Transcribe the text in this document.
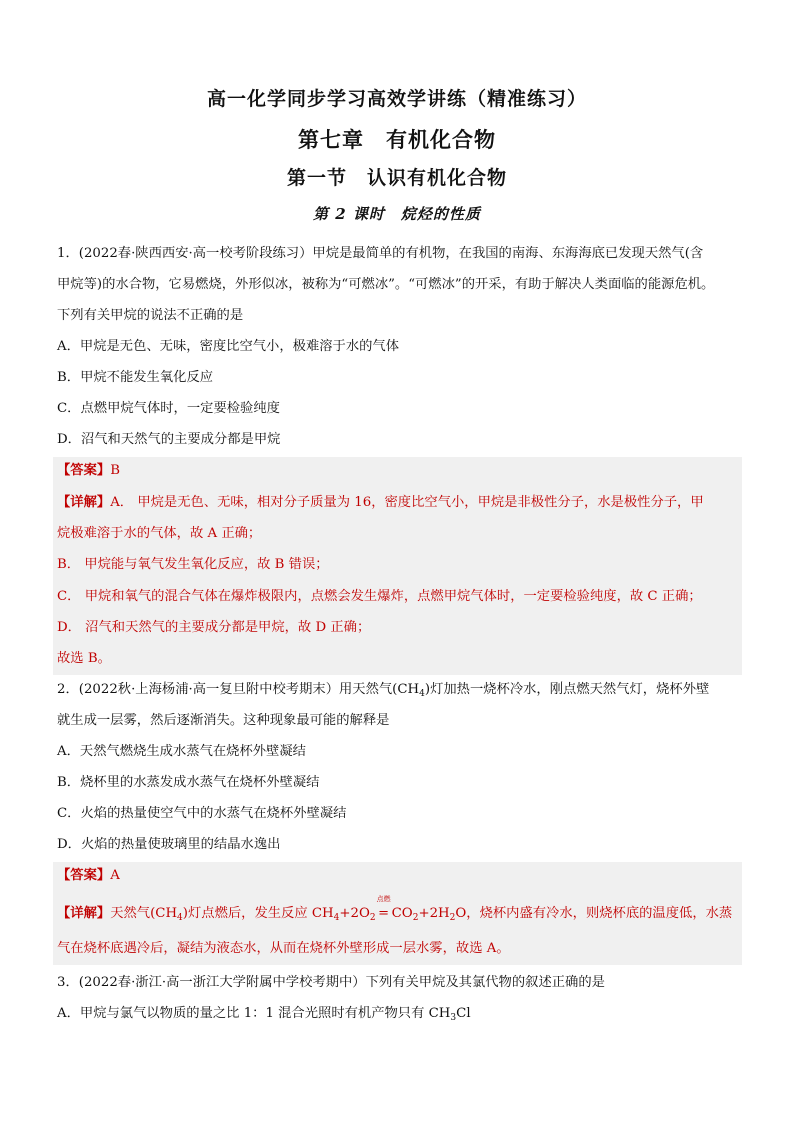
高一化学同步学习高效学讲练（精准练习）
第七章　有机化合物
第一节　认识有机化合物
第 2 课时　烷烃的性质
1．(2022春·陕西西安·高一校考阶段练习）甲烷是最简单的有机物，在我国的南海、东海海底已发现天然气(含
甲烷等)的水合物，它易燃烧，外形似冰，被称为“可燃冰”。“可燃冰”的开采，有助于解决人类面临的能源危机。
下列有关甲烷的说法不正确的是
A．甲烷是无色、无味，密度比空气小，极难溶于水的气体
B．甲烷不能发生氧化反应
C．点燃甲烷气体时，一定要检验纯度
D．沼气和天然气的主要成分都是甲烷
【答案】B
【详解】A． 甲烷是无色、无味，相对分子质量为 16，密度比空气小，甲烷是非极性分子，水是极性分子，甲
烷极难溶于水的气体，故 A 正确；
B． 甲烷能与氧气发生氧化反应，故 B 错误；
C． 甲烷和氧气的混合气体在爆炸极限内，点燃会发生爆炸，点燃甲烷气体时，一定要检验纯度，故 C 正确；
D． 沼气和天然气的主要成分都是甲烷，故 D 正确；
故选 B。
2．(2022秋·上海杨浦·高一复旦附中校考期末）用天然气$(CH_4)$灯加热一烧杯冷水，刚点燃天然气灯，烧杯外壁
就生成一层雾，然后逐渐消失。这种现象最可能的解释是
A．天然气燃烧生成水蒸气在烧杯外壁凝结
B．烧杯里的水蒸发成水蒸气在烧杯外壁凝结
C．火焰的热量使空气中的水蒸气在烧杯外壁凝结
D．火焰的热量使玻璃里的结晶水逸出
【答案】A
【详解】天然气$(CH_4)$灯点燃后，发生反应 $CH_4+2O_2$
点燃
= $CO_2+2H_2O$，烧杯内盛有冷水，则烧杯底的温度低，水蒸
气在烧杯底遇冷后，凝结为液态水，从而在烧杯外壁形成一层水雾，故选 A。
3．(2022春·浙江·高一浙江大学附属中学校考期中）下列有关甲烷及其氯代物的叙述正确的是
A．甲烷与氯气以物质的量之比 1：1 混合光照时有机产物只有 $CH_3Cl$
